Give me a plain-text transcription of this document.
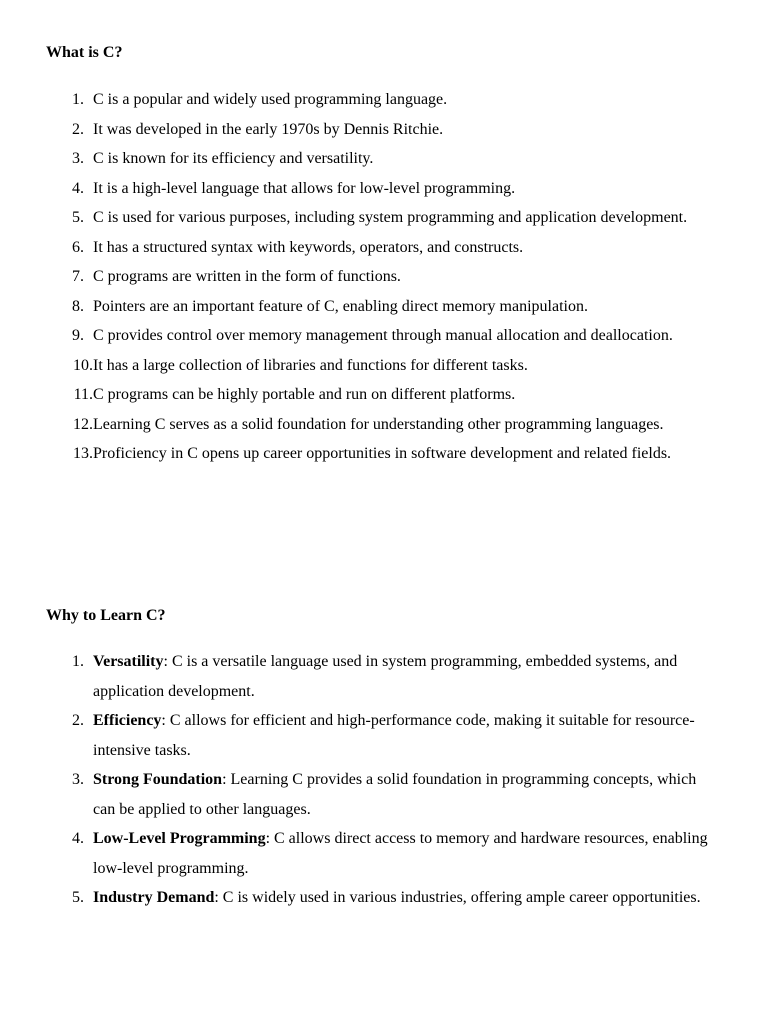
What is C?
1. C is a popular and widely used programming language.
2. It was developed in the early 1970s by Dennis Ritchie.
3. C is known for its efficiency and versatility.
4. It is a high-level language that allows for low-level programming.
5. C is used for various purposes, including system programming and application development.
6. It has a structured syntax with keywords, operators, and constructs.
7. C programs are written in the form of functions.
8. Pointers are an important feature of C, enabling direct memory manipulation.
9. C provides control over memory management through manual allocation and deallocation.
10. It has a large collection of libraries and functions for different tasks.
11. C programs can be highly portable and run on different platforms.
12. Learning C serves as a solid foundation for understanding other programming languages.
13. Proficiency in C opens up career opportunities in software development and related fields.
Why to Learn C?
1. Versatility: C is a versatile language used in system programming, embedded systems, and application development.
2. Efficiency: C allows for efficient and high-performance code, making it suitable for resource-intensive tasks.
3. Strong Foundation: Learning C provides a solid foundation in programming concepts, which can be applied to other languages.
4. Low-Level Programming: C allows direct access to memory and hardware resources, enabling low-level programming.
5. Industry Demand: C is widely used in various industries, offering ample career opportunities.
